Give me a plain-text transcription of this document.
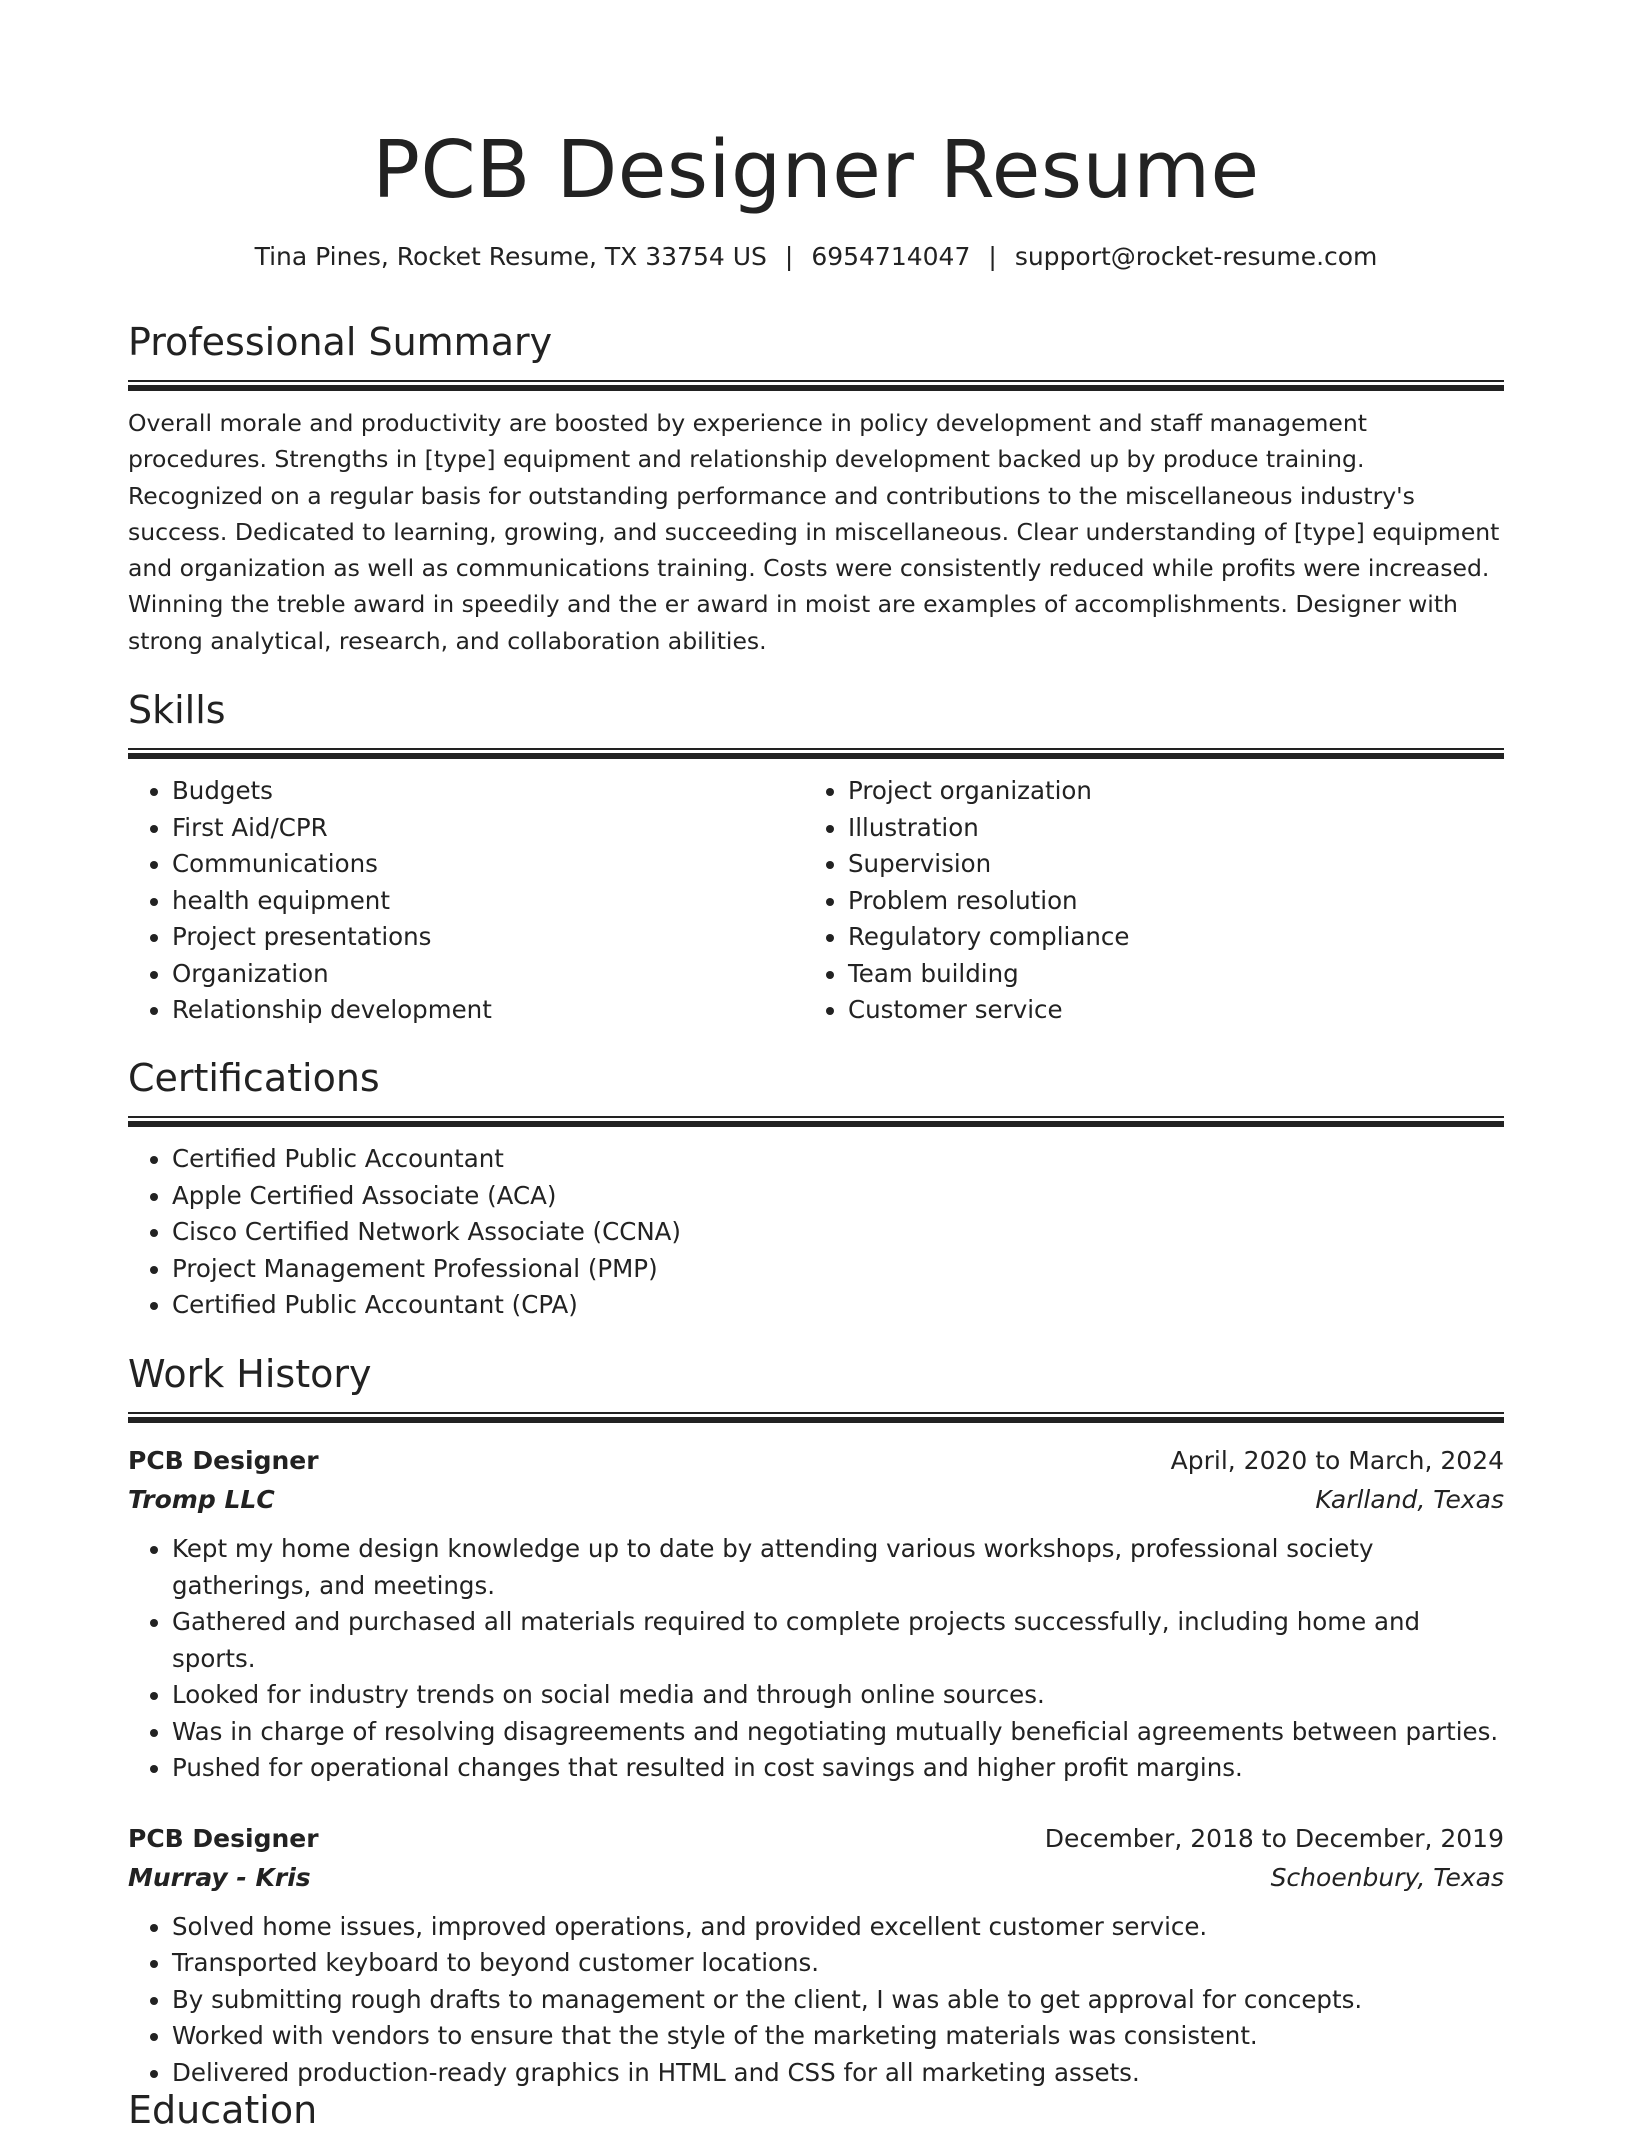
PCB Designer Resume
Tina Pines, Rocket Resume, TX 33754 US | 6954714047 | support@rocket-resume.com
Professional Summary

Overall morale and productivity are boosted by experience in policy development and staff management procedures. Strengths in [type] equipment and relationship development backed up by produce training. Recognized on a regular basis for outstanding performance and contributions to the miscellaneous industry's success. Dedicated to learning, growing, and succeeding in miscellaneous. Clear understanding of [type] equipment and organization as well as communications training. Costs were consistently reduced while profits were increased. Winning the treble award in speedily and the er award in moist are examples of accomplishments. Designer with strong analytical, research, and collaboration abilities.

Skills
• Budgets
• First Aid/CPR
• Communications
• health equipment
• Project presentations
• Organization
• Relationship development
• Project organization
• Illustration
• Supervision
• Problem resolution
• Regulatory compliance
• Team building
• Customer service
Certifications
• Certified Public Accountant
• Apple Certified Associate (ACA)
• Cisco Certified Network Associate (CCNA)
• Project Management Professional (PMP)
• Certified Public Accountant (CPA)
Work History
PCB Designer	April, 2020 to March, 2024
Tromp LLC	Karlland, Texas
• Kept my home design knowledge up to date by attending various workshops, professional society gatherings, and meetings.
• Gathered and purchased all materials required to complete projects successfully, including home and sports.
• Looked for industry trends on social media and through online sources.
• Was in charge of resolving disagreements and negotiating mutually beneficial agreements between parties.
• Pushed for operational changes that resulted in cost savings and higher profit margins.
PCB Designer	December, 2018 to December, 2019
Murray - Kris	Schoenbury, Texas
• Solved home issues, improved operations, and provided excellent customer service.
• Transported keyboard to beyond customer locations.
• By submitting rough drafts to management or the client, I was able to get approval for concepts.
• Worked with vendors to ensure that the style of the marketing materials was consistent.
• Delivered production-ready graphics in HTML and CSS for all marketing assets.
Education
